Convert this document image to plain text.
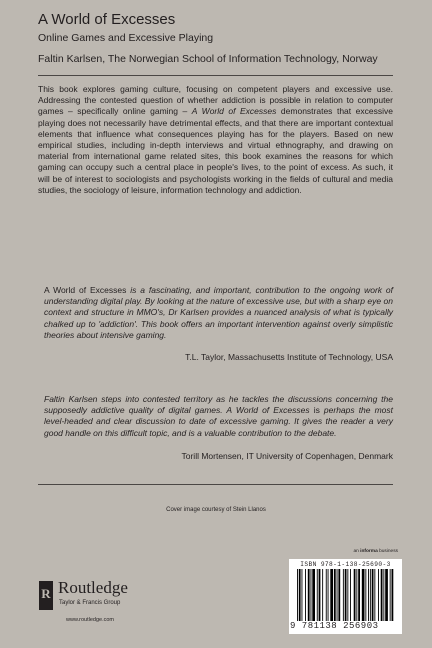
A World of Excesses
Online Games and Excessive Playing
Faltin Karlsen, The Norwegian School of Information Technology, Norway

This book explores gaming culture, focusing on competent players and excessive use. Addressing the contested question of whether addiction is possible in relation to computer games – specifically online gaming – A World of Excesses demonstrates that excessive playing does not necessarily have detrimental effects, and that there are important contextual elements that influence what consequences playing has for the players. Based on new empirical studies, including in-depth interviews and virtual ethnography, and drawing on material from international game related sites, this book examines the reasons for which gaming can occupy such a central place in people's lives, to the point of excess. As such, it will be of interest to sociologists and psychologists working in the fields of cultural and media studies, the sociology of leisure, information technology and addiction.

A World of Excesses is a fascinating, and important, contribution to the ongoing work of understanding digital play. By looking at the nature of excessive use, but with a sharp eye on context and structure in MMO's, Dr Karlsen provides a nuanced analysis of what is typically chalked up to 'addiction'. This book offers an important intervention against overly simplistic theories about intensive gaming.

T.L. Taylor, Massachusetts Institute of Technology, USA

Faltin Karlsen steps into contested territory as he tackles the discussions concerning the supposedly addictive quality of digital games. A World of Excesses is perhaps the most level-headed and clear discussion to date of excessive gaming. It gives the reader a very good handle on this difficult topic, and is a valuable contribution to the debate.

Torill Mortensen, IT University of Copenhagen, Denmark
Cover image courtesy of Stein Llanos
an informa business
R Routledge
Taylor & Francis Group
www.routledge.com
ISBN 978-1-138-25690-3
9 781138 256903
